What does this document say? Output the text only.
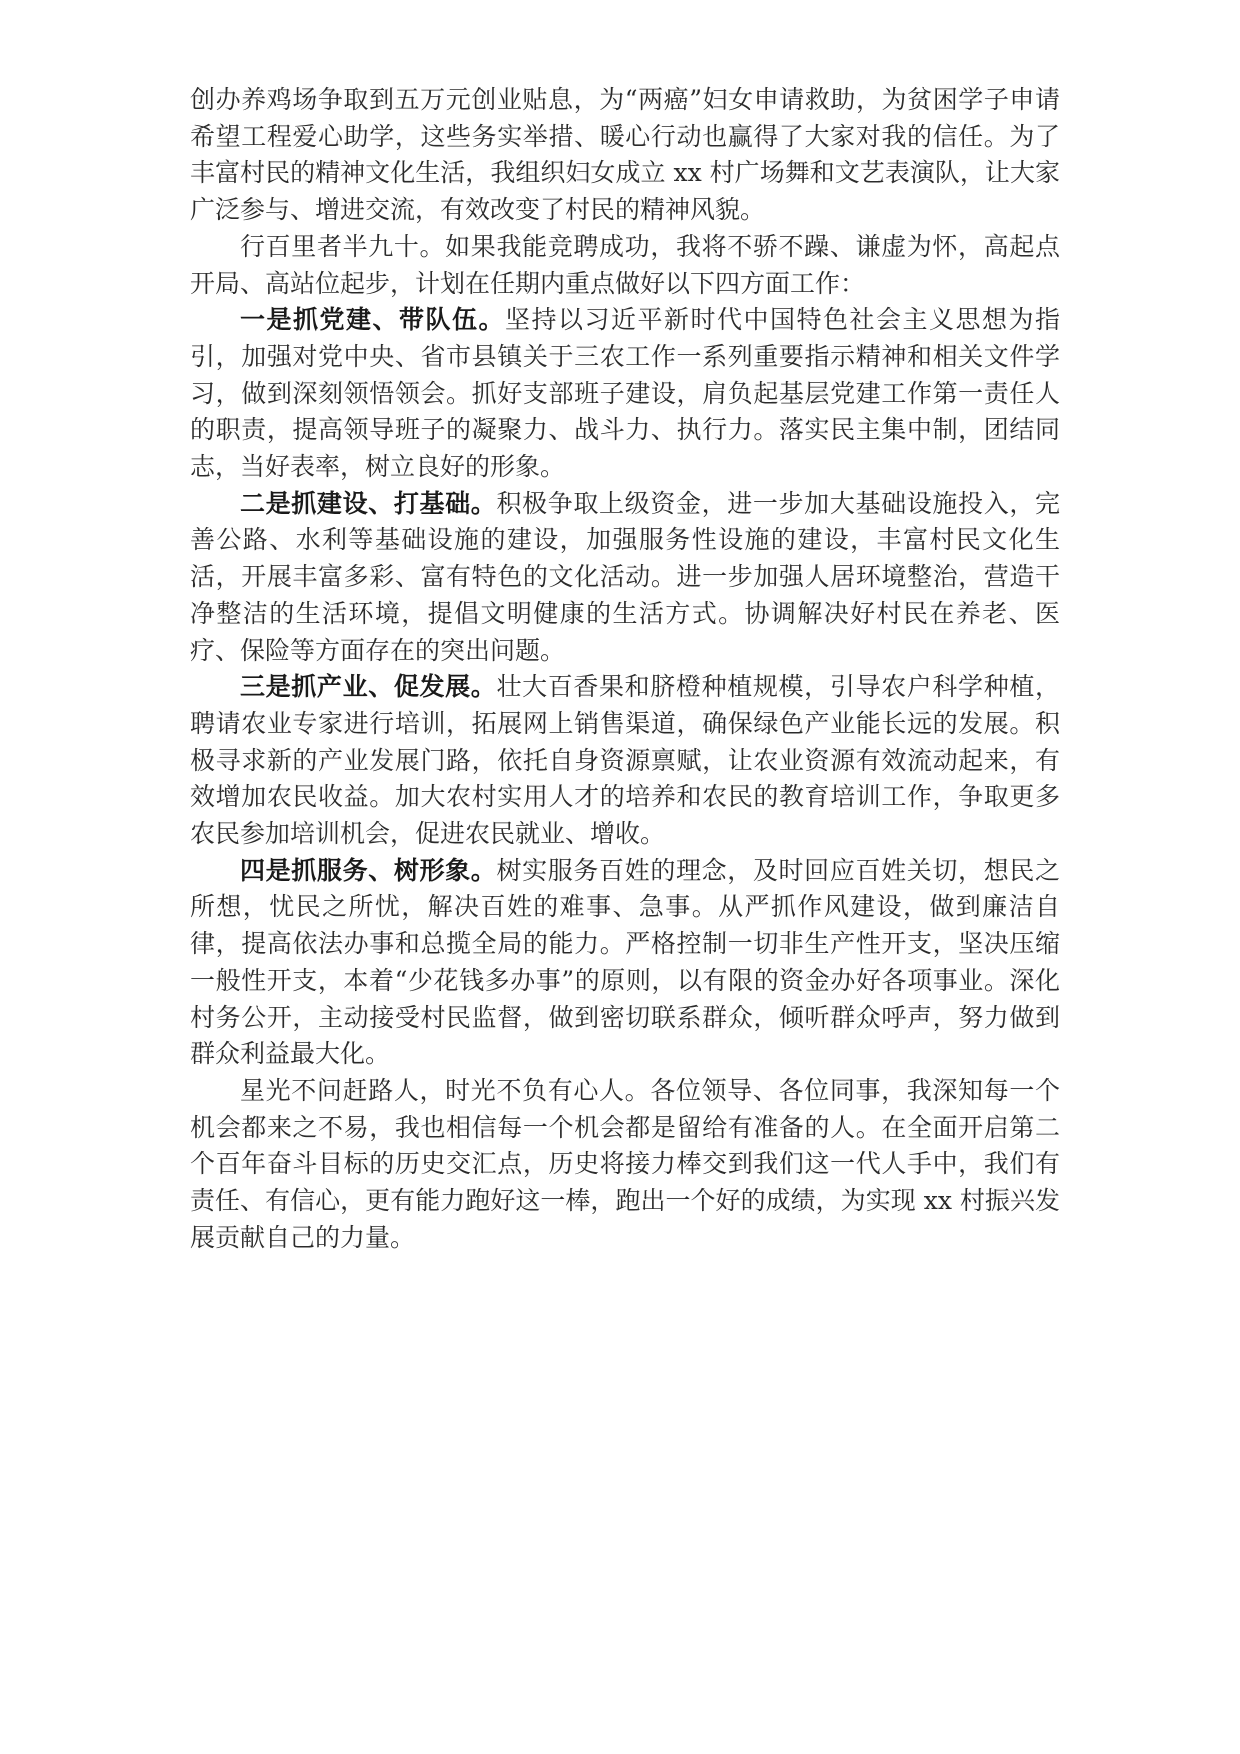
创办养鸡场争取到五万元创业贴息，为“两癌”妇女申请救助，为贫困学子申请希望工程爱心助学，这些务实举措、暖心行动也赢得了大家对我的信任。为了丰富村民的精神文化生活，我组织妇女成立 xx 村广场舞和文艺表演队，让大家广泛参与、增进交流，有效改变了村民的精神风貌。

行百里者半九十。如果我能竞聘成功，我将不骄不躁、谦虚为怀，高起点开局、高站位起步，计划在任期内重点做好以下四方面工作：

一是抓党建、带队伍。坚持以习近平新时代中国特色社会主义思想为指引，加强对党中央、省市县镇关于三农工作一系列重要指示精神和相关文件学习，做到深刻领悟领会。抓好支部班子建设，肩负起基层党建工作第一责任人的职责，提高领导班子的凝聚力、战斗力、执行力。落实民主集中制，团结同志，当好表率，树立良好的形象。

二是抓建设、打基础。积极争取上级资金，进一步加大基础设施投入，完善公路、水利等基础设施的建设，加强服务性设施的建设，丰富村民文化生活，开展丰富多彩、富有特色的文化活动。进一步加强人居环境整治，营造干净整洁的生活环境，提倡文明健康的生活方式。协调解决好村民在养老、医疗、保险等方面存在的突出问题。

三是抓产业、促发展。壮大百香果和脐橙种植规模，引导农户科学种植，聘请农业专家进行培训，拓展网上销售渠道，确保绿色产业能长远的发展。积极寻求新的产业发展门路，依托自身资源禀赋，让农业资源有效流动起来，有效增加农民收益。加大农村实用人才的培养和农民的教育培训工作，争取更多农民参加培训机会，促进农民就业、增收。

四是抓服务、树形象。树实服务百姓的理念，及时回应百姓关切，想民之所想，忧民之所忧，解决百姓的难事、急事。从严抓作风建设，做到廉洁自律，提高依法办事和总揽全局的能力。严格控制一切非生产性开支，坚决压缩一般性开支，本着“少花钱多办事”的原则，以有限的资金办好各项事业。深化村务公开，主动接受村民监督，做到密切联系群众，倾听群众呼声，努力做到群众利益最大化。

星光不问赶路人，时光不负有心人。各位领导、各位同事，我深知每一个机会都来之不易，我也相信每一个机会都是留给有准备的人。在全面开启第二个百年奋斗目标的历史交汇点，历史将接力棒交到我们这一代人手中，我们有责任、有信心，更有能力跑好这一棒，跑出一个好的成绩，为实现 xx 村振兴发展贡献自己的力量。
